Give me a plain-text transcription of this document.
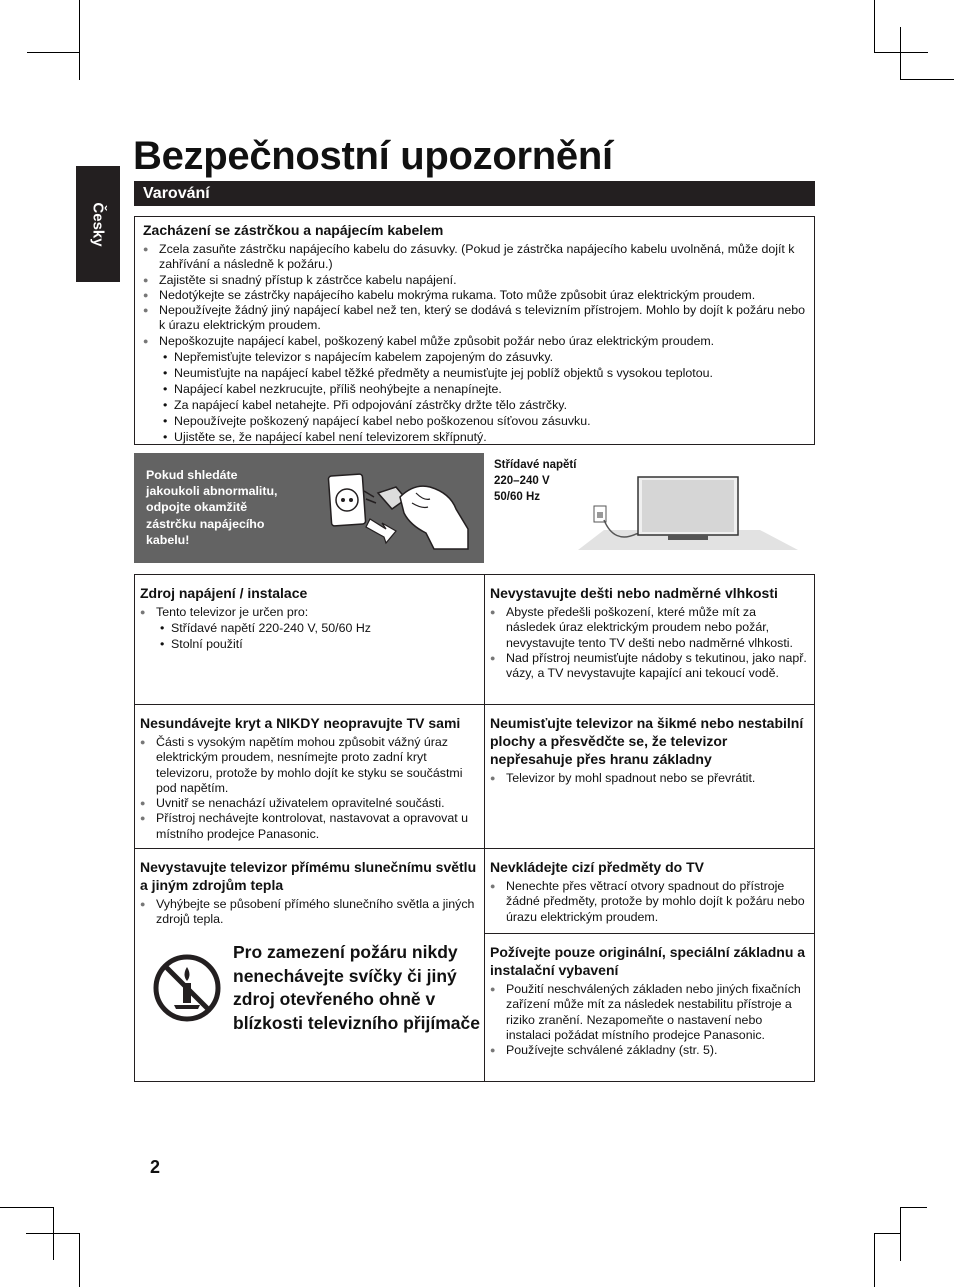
Česky
Bezpečnostní upozornění
Varování
Zacházení se zástrčkou a napájecím kabelem
● Zcela zasuňte zástrčku napájecího kabelu do zásuvky. (Pokud je zástrčka napájecího kabelu uvolněná, může dojít k zahřívání a následně k požáru.)
● Zajistěte si snadný přístup k zástrčce kabelu napájení.
● Nedotýkejte se zástrčky napájecího kabelu mokrýma rukama. Toto může způsobit úraz elektrickým proudem.
● Nepoužívejte žádný jiný napájecí kabel než ten, který se dodává s televizním přístrojem. Mohlo by dojít k požáru nebo k úrazu elektrickým proudem.
● Nepoškozujte napájecí kabel, poškozený kabel může způsobit požár nebo úraz elektrickým proudem.
• Nepřemisťujte televizor s napájecím kabelem zapojeným do zásuvky.
• Neumisťujte na napájecí kabel těžké předměty a neumisťujte jej poblíž objektů s vysokou teplotou.
• Napájecí kabel nezkrucujte, příliš neohýbejte a nenapínejte.
• Za napájecí kabel netahejte. Při odpojování zástrčky držte tělo zástrčky.
• Nepoužívejte poškozený napájecí kabel nebo poškozenou síťovou zásuvku.
• Ujistěte se, že napájecí kabel není televizorem skřípnutý.
Pokud shledáte
jakoukoli abnormalitu,
odpojte okamžitě
zástrčku napájecího
kabelu!
Střídavé napětí
220–240 V
50/60 Hz
Zdroj napájení / instalace
● Tento televizor je určen pro:
• Střídavé napětí 220-240 V, 50/60 Hz
• Stolní použití
Nevystavujte dešti nebo nadměrné vlhkosti
● Abyste předešli poškození, které může mít za následek úraz elektrickým proudem nebo požár, nevystavujte tento TV dešti nebo nadměrné vlhkosti.
● Nad přístroj neumisťujte nádoby s tekutinou, jako např. vázy, a TV nevystavujte kapající ani tekoucí vodě.
Nesundávejte kryt a NIKDY neopravujte TV sami
● Části s vysokým napětím mohou způsobit vážný úraz elektrickým proudem, nesnímejte proto zadní kryt televizoru, protože by mohlo dojít ke styku se součástmi pod napětím.
● Uvnitř se nenachází uživatelem opravitelné součásti.
● Přístroj nechávejte kontrolovat, nastavovat a opravovat u místního prodejce Panasonic.
Neumisťujte televizor na šikmé nebo nestabilní plochy a přesvědčte se, že televizor nepřesahuje přes hranu základny
● Televizor by mohl spadnout nebo se převrátit.
Nevystavujte televizor přímému slunečnímu světlu a jiným zdrojům tepla
● Vyhýbejte se působení přímého slunečního světla a jiných zdrojů tepla.
Pro zamezení požáru nikdy nenechávejte svíčky či jiný zdroj otevřeného ohně v blízkosti televizního přijímače
Nevkládejte cizí předměty do TV
● Nenechte přes větrací otvory spadnout do přístroje žádné předměty, protože by mohlo dojít k požáru nebo úrazu elektrickým proudem.
Požívejte pouze originální, speciální základnu a instalační vybavení
● Použití neschválených základen nebo jiných fixačních zařízení může mít za následek nestabilitu přístroje a riziko zranění. Nezapomeňte o nastavení nebo instalaci požádat místního prodejce Panasonic.
● Používejte schválené základny (str. 5).
2
